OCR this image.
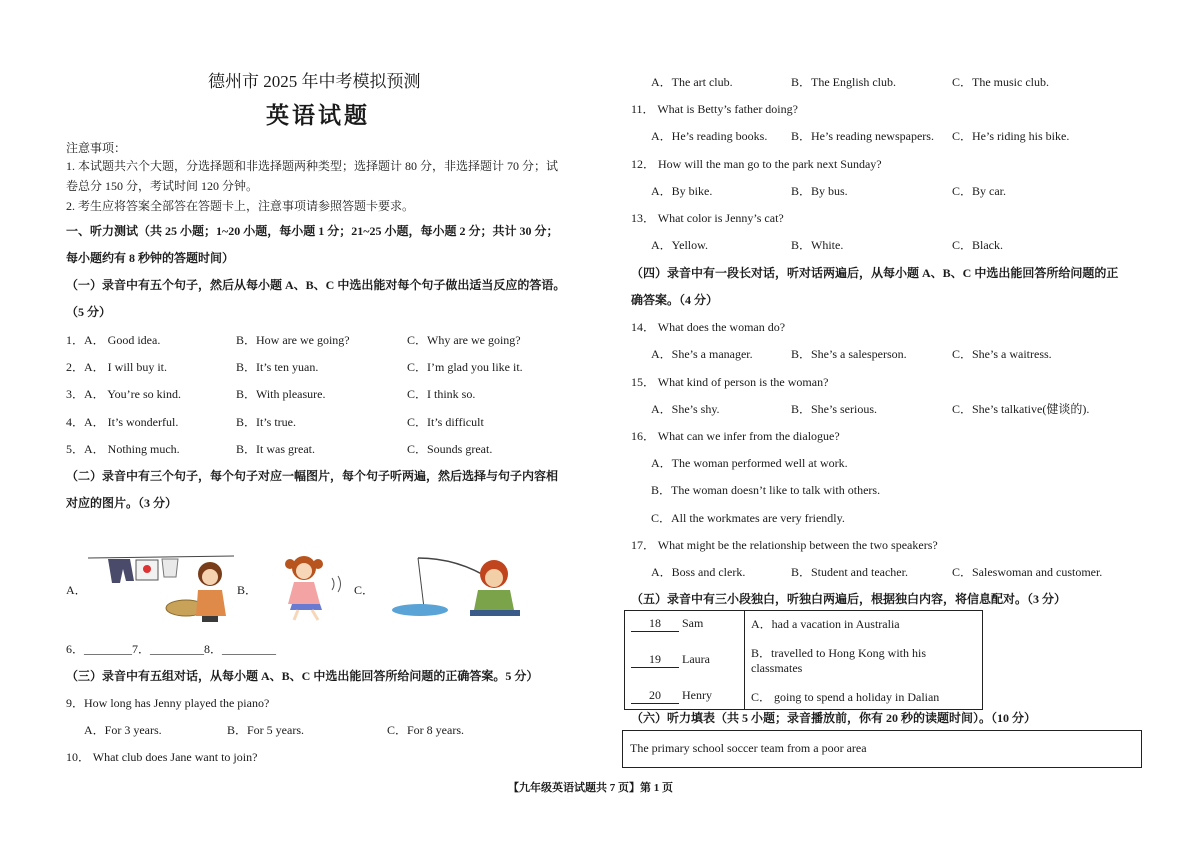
德州市 2025 年中考模拟预测
英语试题
注意事项：
1. 本试题共六个大题，分选择题和非选择题两种类型；选择题计 80 分，非选择题计 70 分；试
卷总分 150 分，考试时间 120 分钟。
2. 考生应将答案全部答在答题卡上，注意事项请参照答题卡要求。
一、听力测试（共 25 小题；1~20 小题，每小题 1 分；21~25 小题，每小题 2 分；共计 30 分；
每小题约有 8 秒钟的答题时间）
（一）录音中有五个句子，然后从每小题 A、B、C 中选出能对每个句子做出适当反应的答语。
（5 分）
1． A． Good idea.	B．How are we going?	C．Why are we going?
2． A． I will buy it.	B．It’s ten yuan.	C．I’m glad you like it.
3． A． You’re so kind.	B．With pleasure.	C．I think so.
4． A． It’s wonderful.	B．It’s true.	C．It’s difficult
5． A． Nothing much.	B．It was great.	C．Sounds great.
（二）录音中有三个句子，每个句子对应一幅图片，每个句子听两遍，然后选择与句子内容相
对应的图片。（3 分）
A．	B．	C．
6．________7．_________8．_________
（三）录音中有五组对话，从每小题 A、B、C 中选出能回答所给问题的正确答案。5 分）
9．How long has Jenny played the piano?
A．For 3 years.	B．For 5 years.	C．For 8 years.
10． What club does Jane want to join?
A．The art club.	B．The English club.	C．The music club.
11． What is Betty’s father doing?
A．He’s reading books. B．He’s reading newspapers. C．He’s riding his bike.
12． How will the man go to the park next Sunday?
A．By bike.	B．By bus.	C．By car.
13． What color is Jenny’s cat?
A．Yellow.	B．White.	C．Black.
（四）录音中有一段长对话，听对话两遍后，从每小题 A、B、C 中选出能回答所给问题的正
确答案。（4 分）
14． What does the woman do?
A．She’s a manager.	B．She’s a salesperson.	C．She’s a waitress.
15． What kind of person is the woman?
A．She’s shy.	B．She’s serious.	C．She’s talkative(健谈的).
16． What can we infer from the dialogue?
A．The woman performed well at work.
B．The woman doesn’t like to talk with others.
C．All the workmates are very friendly.
17． What might be the relationship between the two speakers?
A．Boss and clerk.	B．Student and teacher.	C．Saleswoman and customer.
（五）录音中有三小段独白，听独白两遍后，根据独白内容，将信息配对。（3 分）
18 Sam	A．had a vacation in Australia
19 Laura	B．travelled to Hong Kong with his classmates
20 Henry	C． going to spend a holiday in Dalian
（六）听力填表（共 5 小题；录音播放前，你有 20 秒的读题时间）。（10 分）
The primary school soccer team from a poor area
【九年级英语试题共 7 页】第 1 页
